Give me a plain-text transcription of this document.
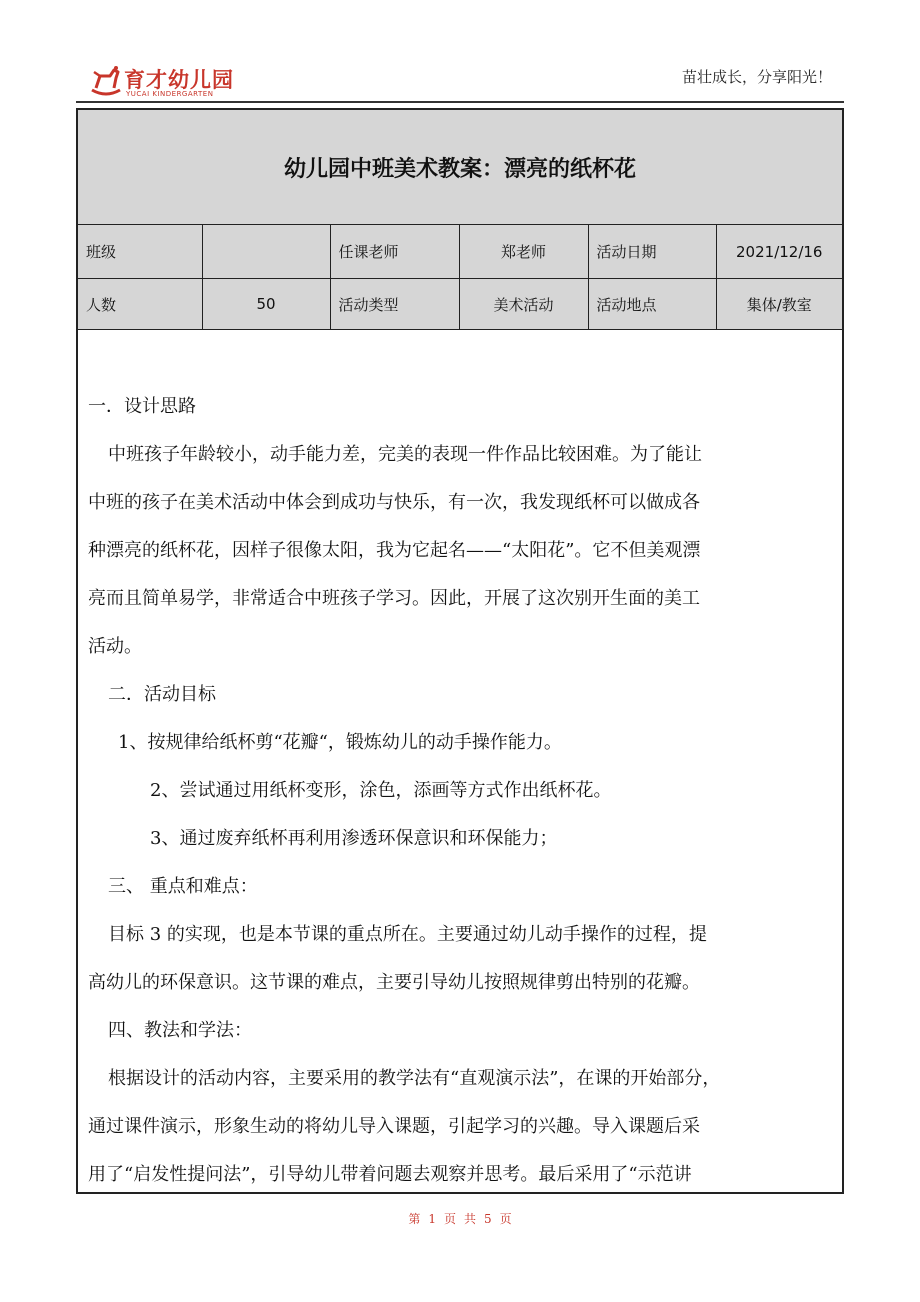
育才幼儿园
YUCAI KINDERGARTEN
苗壮成长，分享阳光！
幼儿园中班美术教案：漂亮的纸杯花
班级		任课老师	郑老师	活动日期	2021/12/16
人数	50	活动类型	美术活动	活动地点	集体/教室
一．设计思路
中班孩子年龄较小，动手能力差，完美的表现一件作品比较困难。为了能让
中班的孩子在美术活动中体会到成功与快乐，有一次，我发现纸杯可以做成各
种漂亮的纸杯花，因样子很像太阳，我为它起名——“太阳花”。它不但美观漂
亮而且简单易学，非常适合中班孩子学习。因此，开展了这次别开生面的美工
活动。
二．活动目标
1、按规律给纸杯剪“花瓣“，锻炼幼儿的动手操作能力。
2、尝试通过用纸杯变形，涂色，添画等方式作出纸杯花。
3、通过废弃纸杯再利用渗透环保意识和环保能力；
三、 重点和难点：
目标 3 的实现，也是本节课的重点所在。主要通过幼儿动手操作的过程，提
高幼儿的环保意识。这节课的难点，主要引导幼儿按照规律剪出特别的花瓣。
四、教法和学法：
根据设计的活动内容，主要采用的教学法有“直观演示法”，在课的开始部分，
通过课件演示，形象生动的将幼儿导入课题，引起学习的兴趣。导入课题后采
用了“启发性提问法”，引导幼儿带着问题去观察并思考。最后采用了“示范讲
第 1 页 共 5 页
